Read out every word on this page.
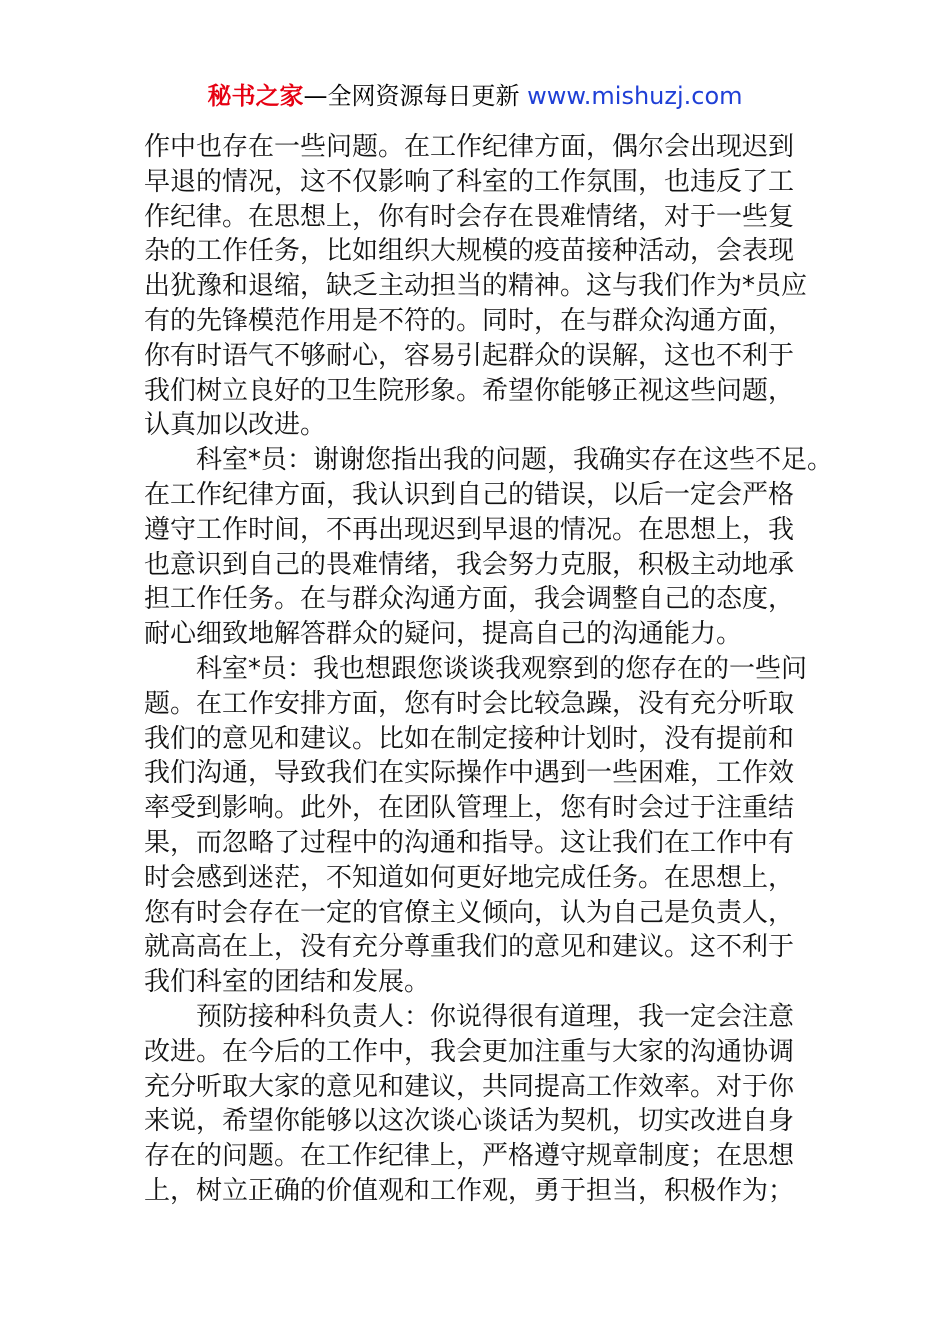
秘书之家—全网资源每日更新 www.mishuzj.com
作中也存在一些问题。在工作纪律方面，偶尔会出现迟到
早退的情况，这不仅影响了科室的工作氛围，也违反了工
作纪律。在思想上，你有时会存在畏难情绪，对于一些复
杂的工作任务，比如组织大规模的疫苗接种活动，会表现
出犹豫和退缩，缺乏主动担当的精神。这与我们作为*员应
有的先锋模范作用是不符的。同时，在与群众沟通方面，
你有时语气不够耐心，容易引起群众的误解，这也不利于
我们树立良好的卫生院形象。希望你能够正视这些问题，
认真加以改进。
科室*员：谢谢您指出我的问题，我确实存在这些不足。
在工作纪律方面，我认识到自己的错误，以后一定会严格
遵守工作时间，不再出现迟到早退的情况。在思想上，我
也意识到自己的畏难情绪，我会努力克服，积极主动地承
担工作任务。在与群众沟通方面，我会调整自己的态度，
耐心细致地解答群众的疑问，提高自己的沟通能力。
科室*员：我也想跟您谈谈我观察到的您存在的一些问
题。在工作安排方面，您有时会比较急躁，没有充分听取
我们的意见和建议。比如在制定接种计划时，没有提前和
我们沟通，导致我们在实际操作中遇到一些困难，工作效
率受到影响。此外，在团队管理上，您有时会过于注重结
果，而忽略了过程中的沟通和指导。这让我们在工作中有
时会感到迷茫，不知道如何更好地完成任务。在思想上，
您有时会存在一定的官僚主义倾向，认为自己是负责人，
就高高在上，没有充分尊重我们的意见和建议。这不利于
我们科室的团结和发展。
预防接种科负责人：你说得很有道理，我一定会注意
改进。在今后的工作中，我会更加注重与大家的沟通协调
充分听取大家的意见和建议，共同提高工作效率。对于你
来说，希望你能够以这次谈心谈话为契机，切实改进自身
存在的问题。在工作纪律上，严格遵守规章制度；在思想
上，树立正确的价值观和工作观，勇于担当，积极作为；
